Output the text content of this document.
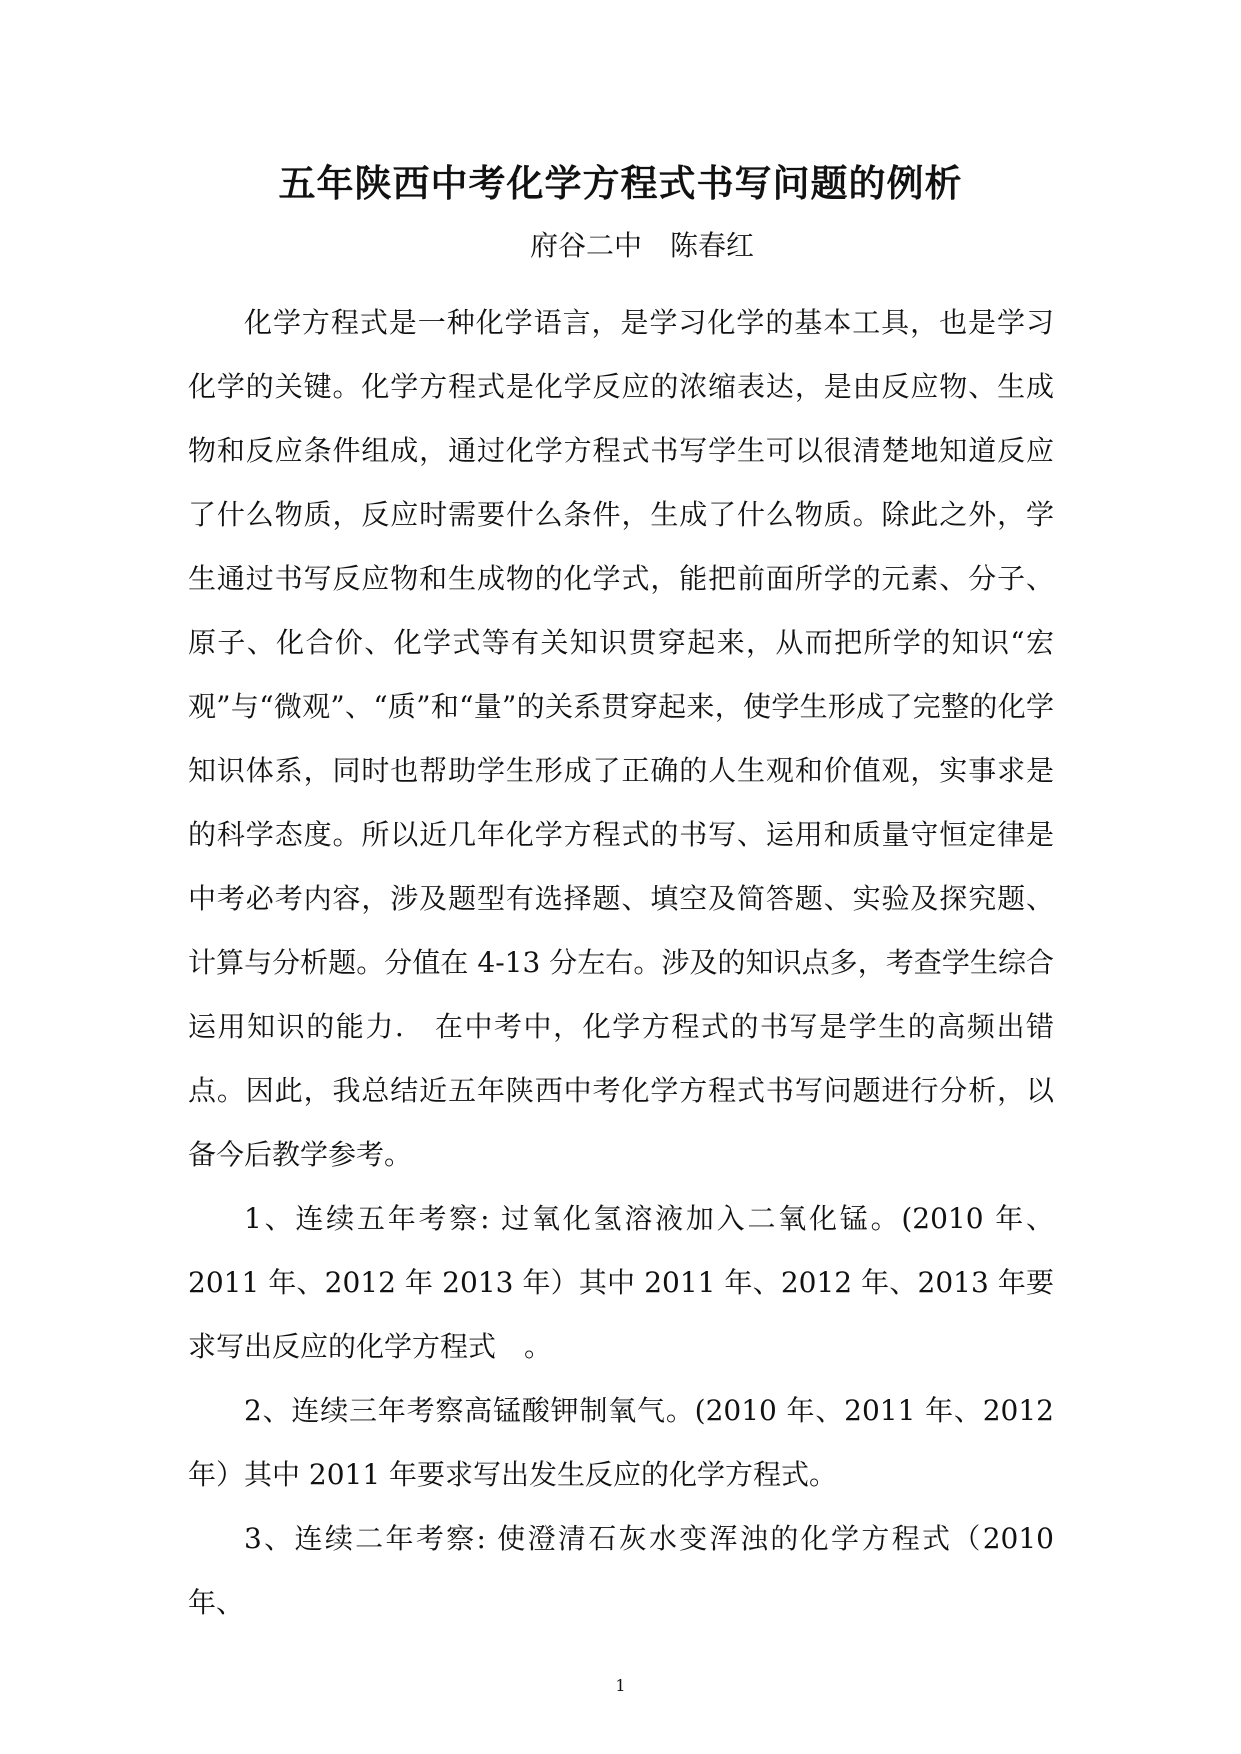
五年陕西中考化学方程式书写问题的例析
府谷二中　陈春红

化学方程式是一种化学语言，是学习化学的基本工具，也是学习化学的关键。化学方程式是化学反应的浓缩表达，是由反应物、生成物和反应条件组成，通过化学方程式书写学生可以很清楚地知道反应了什么物质，反应时需要什么条件，生成了什么物质。除此之外，学生通过书写反应物和生成物的化学式，能把前面所学的元素、分子、原子、化合价、化学式等有关知识贯穿起来，从而把所学的知识“宏观”与“微观”、“质”和“量”的关系贯穿起来，使学生形成了完整的化学知识体系，同时也帮助学生形成了正确的人生观和价值观，实事求是的科学态度。所以近几年化学方程式的书写、运用和质量守恒定律是中考必考内容，涉及题型有选择题、填空及简答题、实验及探究题、计算与分析题。分值在 4-13 分左右。涉及的知识点多，考查学生综合运用知识的能力.　在中考中，化学方程式的书写是学生的高频出错点。因此，我总结近五年陕西中考化学方程式书写问题进行分析，以备今后教学参考。

1、连续五年考察: 过氧化氢溶液加入二氧化锰。(2010 年、2011 年、2012 年 2013 年）其中 2011 年、2012 年、2013 年要求写出反应的化学方程式　。

2、连续三年考察高锰酸钾制氧气。(2010 年、2011 年、2012 年）其中 2011 年要求写出发生反应的化学方程式。

3、连续二年考察: 使澄清石灰水变浑浊的化学方程式（2010 年、

1
